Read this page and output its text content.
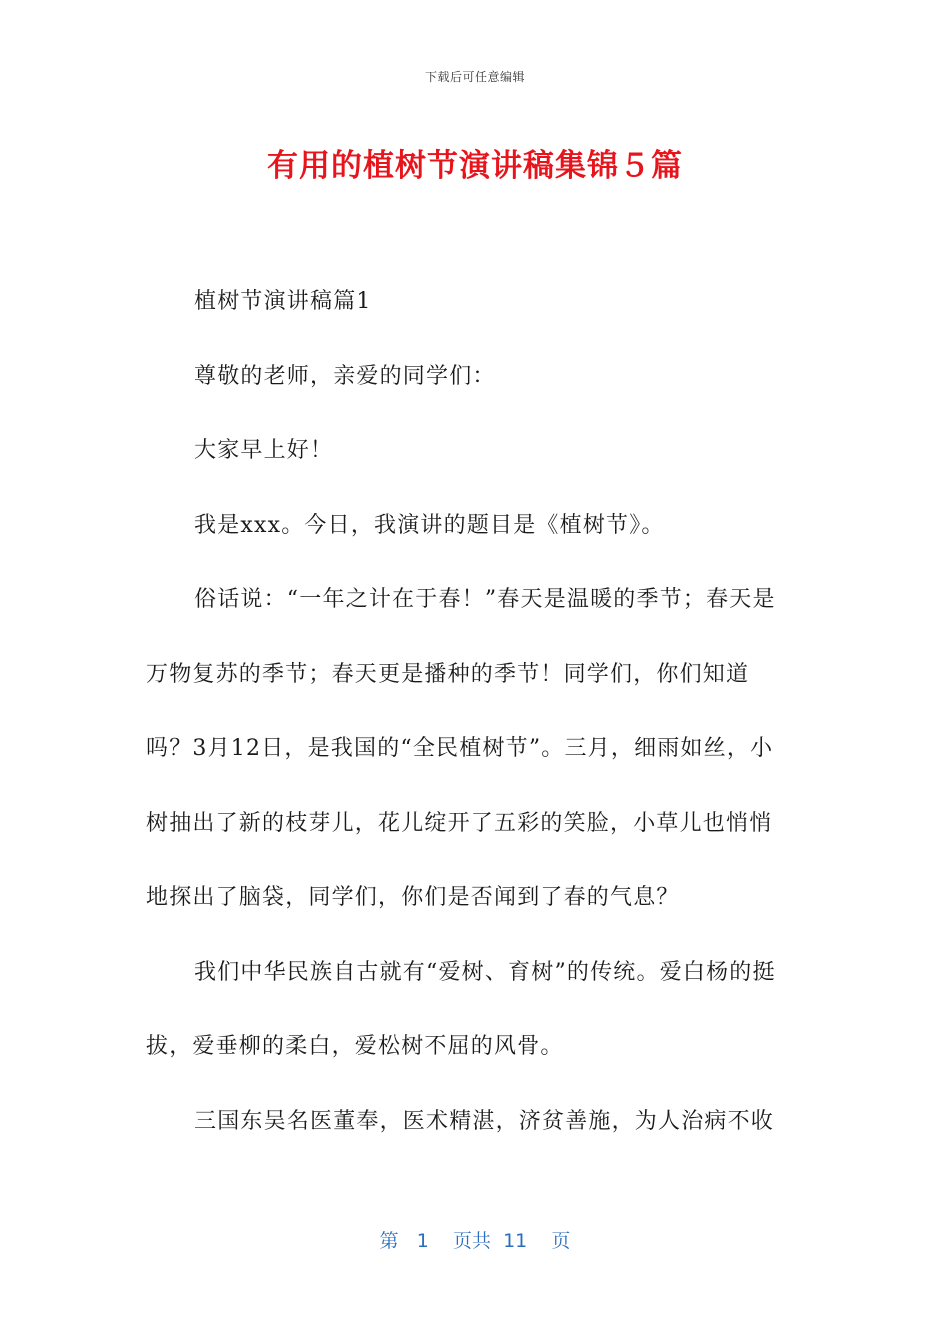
下载后可任意编辑
有用的植树节演讲稿集锦５篇

植树节演讲稿篇1

尊敬的老师，亲爱的同学们：

大家早上好！

我是xxx。今日，我演讲的题目是《植树节》。

俗话说：“一年之计在于春！”春天是温暖的季节；春天是万物复苏的季节；春天更是播种的季节！同学们，你们知道吗？3月12日，是我国的“全民植树节”。三月，细雨如丝，小树抽出了新的枝芽儿，花儿绽开了五彩的笑脸，小草儿也悄悄地探出了脑袋，同学们，你们是否闻到了春的气息？

我们中华民族自古就有“爱树、育树”的传统。爱白杨的挺拔，爱垂柳的柔白，爱松树不屈的风骨。

三国东吴名医董奉，医术精湛，济贫善施，为人治病不收

第 1 页共 11 页
